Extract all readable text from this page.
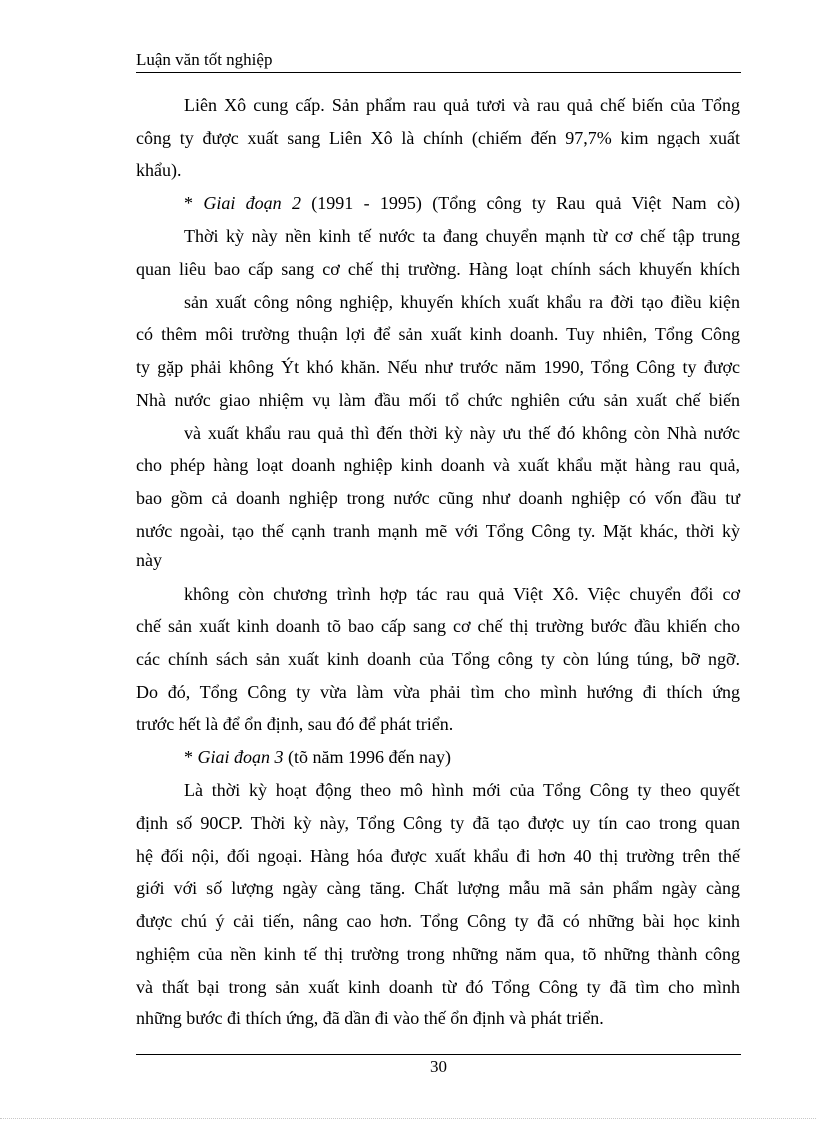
Luận văn tốt nghiệp
Liên Xô cung cấp. Sản phẩm rau quả tươi và rau quả chế biến của Tổng
công ty được xuất sang Liên Xô là chính (chiếm đến 97,7% kim ngạch xuất
khẩu).
* Giai đoạn 2 (1991 - 1995) (Tổng công ty Rau quả Việt Nam cò)
Thời kỳ này nền kinh tế nước ta đang chuyển mạnh từ cơ chế tập trung
quan liêu bao cấp sang cơ chế thị trường. Hàng loạt chính sách khuyến khích
sản xuất công nông nghiệp, khuyến khích xuất khẩu ra đời tạo điều kiện
có thêm môi trường thuận lợi để sản xuất kinh doanh. Tuy nhiên, Tổng Công
ty gặp phải không Ýt khó khăn. Nếu như trước năm 1990, Tổng Công ty được
Nhà nước giao nhiệm vụ làm đầu mối tổ chức nghiên cứu sản xuất chế biến
và xuất khẩu rau quả thì đến thời kỳ này ưu thế đó không còn Nhà nước
cho phép hàng loạt doanh nghiệp kinh doanh và xuất khẩu mặt hàng rau quả,
bao gồm cả doanh nghiệp trong nước cũng như doanh nghiệp có vốn đầu tư
nước ngoài, tạo thế cạnh tranh mạnh mẽ với Tổng Công ty. Mặt khác, thời kỳ
này
không còn chương trình hợp tác rau quả Việt Xô. Việc chuyển đổi cơ
chế sản xuất kinh doanh tõ bao cấp sang cơ chế thị trường bước đầu khiến cho
các chính sách sản xuất kinh doanh của Tổng công ty còn lúng túng, bỡ ngỡ.
Do đó, Tổng Công ty vừa làm vừa phải tìm cho mình hướng đi thích ứng
trước hết là để ổn định, sau đó để phát triển.
* Giai đoạn 3 (tõ năm 1996 đến nay)
Là thời kỳ hoạt động theo mô hình mới của Tổng Công ty theo quyết
định số 90CP. Thời kỳ này, Tổng Công ty đã tạo được uy tín cao trong quan
hệ đối nội, đối ngoại. Hàng hóa được xuất khẩu đi hơn 40 thị trường trên thế
giới với số lượng ngày càng tăng. Chất lượng mẫu mã sản phẩm ngày càng
được chú ý cải tiến, nâng cao hơn. Tổng Công ty đã có những bài học kinh
nghiệm của nền kinh tế thị trường trong những năm qua, tõ những thành công
và thất bại trong sản xuất kinh doanh từ đó Tổng Công ty đã tìm cho mình
những bước đi thích ứng, đã dần đi vào thế ổn định và phát triển.
30
